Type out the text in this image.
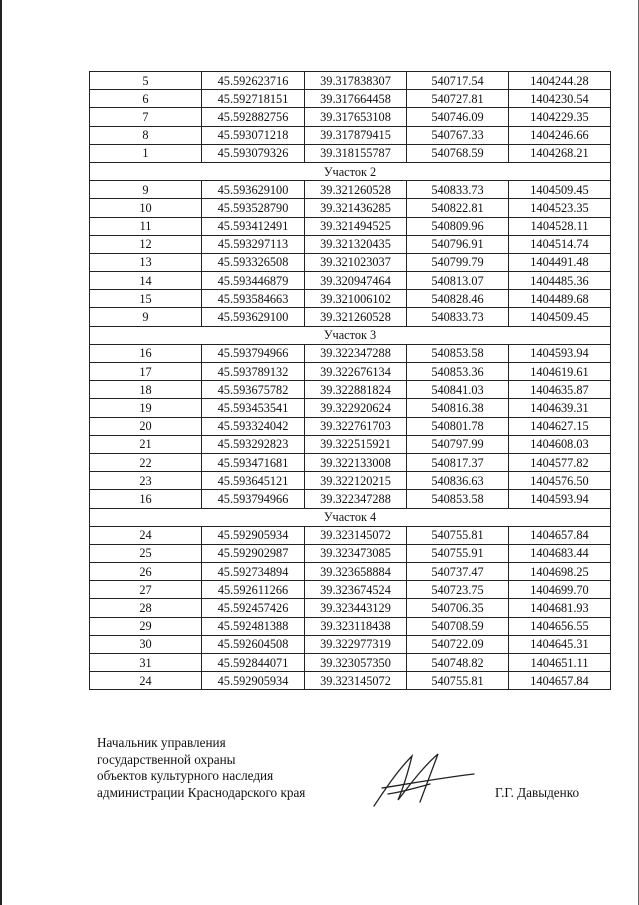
5	45.592623716	39.317838307	540717.54	1404244.28
6	45.592718151	39.317664458	540727.81	1404230.54
7	45.592882756	39.317653108	540746.09	1404229.35
8	45.593071218	39.317879415	540767.33	1404246.66
1	45.593079326	39.318155787	540768.59	1404268.21
Участок 2				
9	45.593629100	39.321260528	540833.73	1404509.45
10	45.593528790	39.321436285	540822.81	1404523.35
11	45.593412491	39.321494525	540809.96	1404528.11
12	45.593297113	39.321320435	540796.91	1404514.74
13	45.593326508	39.321023037	540799.79	1404491.48
14	45.593446879	39.320947464	540813.07	1404485.36
15	45.593584663	39.321006102	540828.46	1404489.68
9	45.593629100	39.321260528	540833.73	1404509.45
Участок 3				
16	45.593794966	39.322347288	540853.58	1404593.94
17	45.593789132	39.322676134	540853.36	1404619.61
18	45.593675782	39.322881824	540841.03	1404635.87
19	45.593453541	39.322920624	540816.38	1404639.31
20	45.593324042	39.322761703	540801.78	1404627.15
21	45.593292823	39.322515921	540797.99	1404608.03
22	45.593471681	39.322133008	540817.37	1404577.82
23	45.593645121	39.322120215	540836.63	1404576.50
16	45.593794966	39.322347288	540853.58	1404593.94
Участок 4				
24	45.592905934	39.323145072	540755.81	1404657.84
25	45.592902987	39.323473085	540755.91	1404683.44
26	45.592734894	39.323658884	540737.47	1404698.25
27	45.592611266	39.323674524	540723.75	1404699.70
28	45.592457426	39.323443129	540706.35	1404681.93
29	45.592481388	39.323118438	540708.59	1404656.55
30	45.592604508	39.322977319	540722.09	1404645.31
31	45.592844071	39.323057350	540748.82	1404651.11
24	45.592905934	39.323145072	540755.81	1404657.84
Начальник управления
государственной охраны
объектов культурного наследия
администрации Краснодарского края	Г.Г. Давыденко
